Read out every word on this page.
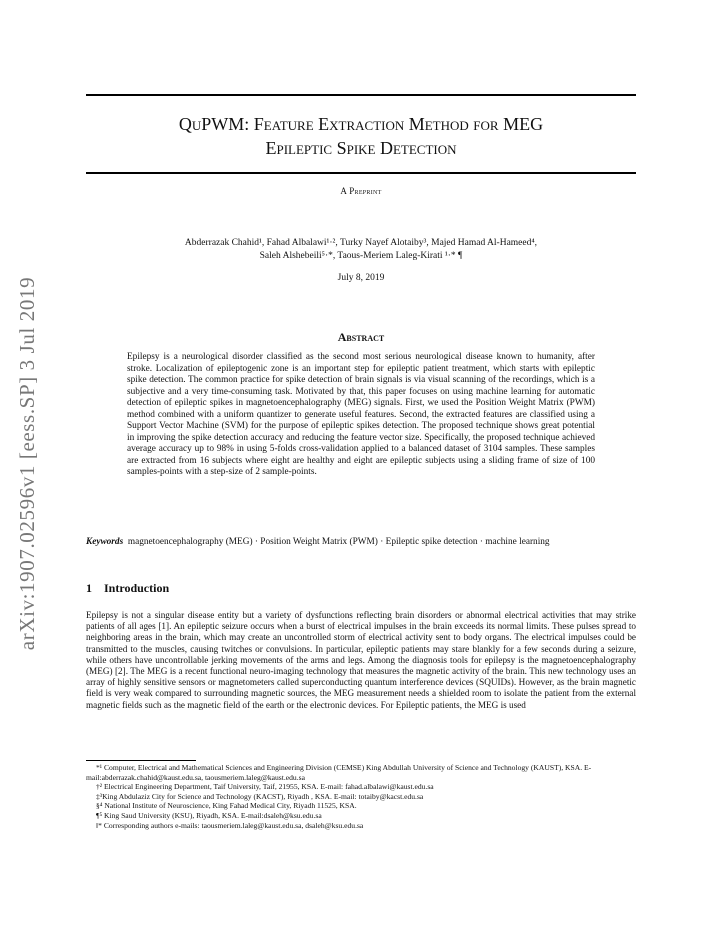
arXiv:1907.02596v1 [eess.SP] 3 Jul 2019
QuPWM: Feature Extraction Method for MEG
Epileptic Spike Detection
A Preprint
Abderrazak Chahid¹, Fahad Albalawi¹·², Turky Nayef Alotaiby³, Majed Hamad Al-Hameed⁴,
Saleh Alshebeili⁵·*, Taous-Meriem Laleg-Kirati ¹·* ¶
July 8, 2019
Abstract

Epilepsy is a neurological disorder classified as the second most serious neurological disease known to humanity, after stroke. Localization of epileptogenic zone is an important step for epileptic patient treatment, which starts with epileptic spike detection. The common practice for spike detection of brain signals is via visual scanning of the recordings, which is a subjective and a very time-consuming task. Motivated by that, this paper focuses on using machine learning for automatic detection of epileptic spikes in magnetoencephalography (MEG) signals. First, we used the Position Weight Matrix (PWM) method combined with a uniform quantizer to generate useful features. Second, the extracted features are classified using a Support Vector Machine (SVM) for the purpose of epileptic spikes detection. The proposed technique shows great potential in improving the spike detection accuracy and reducing the feature vector size. Specifically, the proposed technique achieved average accuracy up to 98% in using 5-folds cross-validation applied to a balanced dataset of 3104 samples. These samples are extracted from 16 subjects where eight are healthy and eight are epileptic subjects using a sliding frame of size of 100 samples-points with a step-size of 2 sample-points.

Keywords magnetoencephalography (MEG) · Position Weight Matrix (PWM) · Epileptic spike detection · machine learning

1 Introduction

Epilepsy is not a singular disease entity but a variety of dysfunctions reflecting brain disorders or abnormal electrical activities that may strike patients of all ages [1]. An epileptic seizure occurs when a burst of electrical impulses in the brain exceeds its normal limits. These pulses spread to neighboring areas in the brain, which may create an uncontrolled storm of electrical activity sent to body organs. The electrical impulses could be transmitted to the muscles, causing twitches or convulsions. In particular, epileptic patients may stare blankly for a few seconds during a seizure, while others have uncontrollable jerking movements of the arms and legs. Among the diagnosis tools for epilepsy is the magnetoencephalography (MEG) [2]. The MEG is a recent functional neuro-imaging technology that measures the magnetic activity of the brain. This new technology uses an array of highly sensitive sensors or magnetometers called superconducting quantum interference devices (SQUIDs). However, as the brain magnetic field is very weak compared to surrounding magnetic sources, the MEG measurement needs a shielded room to isolate the patient from the external magnetic fields such as the magnetic field of the earth or the electronic devices. For Epileptic patients, the MEG is used

*¹ Computer, Electrical and Mathematical Sciences and Engineering Division (CEMSE) King Abdullah University of Science and Technology (KAUST), KSA. E-mail:abderrazak.chahid@kaust.edu.sa, taousmeriem.laleg@kaust.edu.sa
†² Electrical Engineering Department, Taif University, Taif, 21955, KSA. E-mail: fahad.albalawi@kaust.edu.sa
‡³King Abdulaziz City for Science and Technology (KACST), Riyadh , KSA. E-mail: totaiby@kacst.edu.sa
§⁴ National Institute of Neuroscience, King Fahad Medical City, Riyadh 11525, KSA.
¶⁵ King Saud University (KSU), Riyadh, KSA. E-mail:dsaleh@ksu.edu.sa
‖* Corresponding authors e-mails: taousmeriem.laleg@kaust.edu.sa, dsaleh@ksu.edu.sa
